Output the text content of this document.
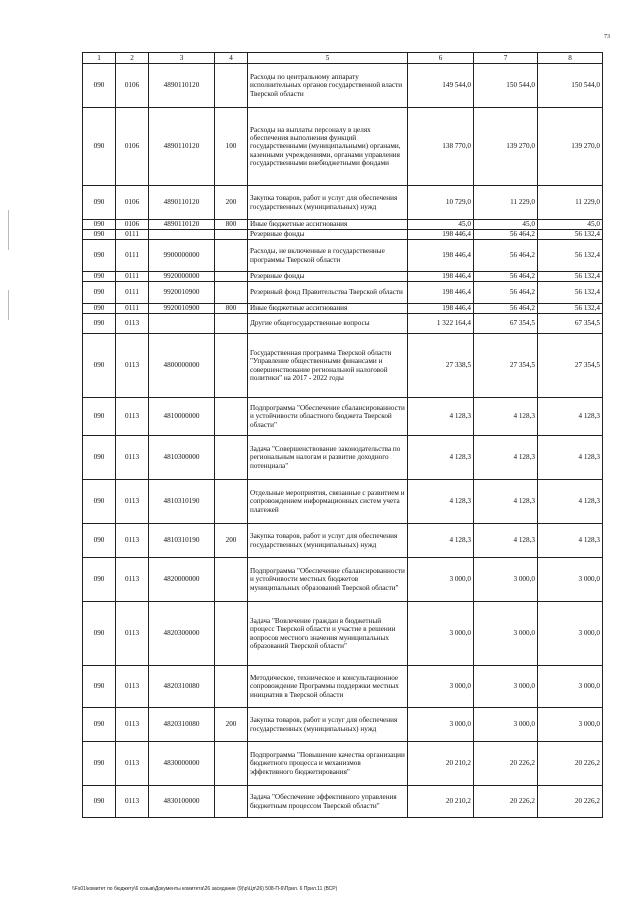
· · · · · · · · · · · · · · · · · · · · · · · · · · · · · · · · · · · ·
73
1	2	3	4	5	6	7	8
090	0106	4890110120		Расходы по центральному аппарату исполнительных органов государственной власти Тверской области	149 544,0	150 544,0	150 544,0
090	0106	4890110120	100	Расходы на выплаты персоналу в целях обеспечения выполнения функций государственными (муниципальными) органами, казенными учреждениями, органами управления государственными внебюджетными фондами	138 770,0	139 270,0	139 270,0
090	0106	4890110120	200	Закупка товаров, работ и услуг для обеспечения государственных (муниципальных) нужд	10 729,0	11 229,0	11 229,0
090	0106	4890110120	800	Иные бюджетные ассигнования	45,0	45,0	45,0
090	0111			Резервные фонды	198 446,4	56 464,2	56 132,4
090	0111	9900000000		Расходы, не включенные в государственные программы Тверской области	198 446,4	56 464,2	56 132,4
090	0111	9920000000		Резервные фонды	198 446,4	56 464,2	56 132,4
090	0111	9920010900		Резервный фонд Правительства Тверской области	198 446,4	56 464,2	56 132,4
090	0111	9920010900	800	Иные бюджетные ассигнования	198 446,4	56 464,2	56 132,4
090	0113			Другие общегосударственные вопросы	1 322 164,4	67 354,5	67 354,5
090	0113	4800000000		Государственная программа Тверской области "Управление общественными финансами и совершенствование региональной налоговой политики" на 2017 - 2022 годы	27 338,5	27 354,5	27 354,5
090	0113	4810000000		Подпрограмма "Обеспечение сбалансированности и устойчивости областного бюджета Тверской области"	4 128,3	4 128,3	4 128,3
090	0113	4810300000		Задача "Совершенствование законодательства по региональным налогам и развитие доходного потенциала"	4 128,3	4 128,3	4 128,3
090	0113	4810310190		Отдельные мероприятия, связанные с развитием и сопровождением информационных систем учета платежей	4 128,3	4 128,3	4 128,3
090	0113	4810310190	200	Закупка товаров, работ и услуг для обеспечения государственных (муниципальных) нужд	4 128,3	4 128,3	4 128,3
090	0113	4820000000		Подпрограмма "Обеспечение сбалансированности и устойчивости местных бюджетов муниципальных образований Тверской области"	3 000,0	3 000,0	3 000,0
090	0113	4820300000		Задача "Вовлечение граждан в бюджетный процесс Тверской области и участие в решении вопросов местного значения муниципальных образований Тверской области"	3 000,0	3 000,0	3 000,0
090	0113	4820310080		Методическое, техническое и консультационное сопровождение Программы поддержки местных инициатив в Тверской области	3 000,0	3 000,0	3 000,0
090	0113	4820310080	200	Закупка товаров, работ и услуг для обеспечения государственных (муниципальных) нужд	3 000,0	3 000,0	3 000,0
090	0113	4830000000		Подпрограмма "Повышение качества организации бюджетного процесса и механизмов эффективного бюджетирования"	20 210,2	20 226,2	20 226,2
090	0113	4830100000		Задача "Обеспечение эффективного управления бюджетным процессом Тверской области"	20 210,2	20 226,2	20 226,2
\\Fs01\комитет по бюджету\6 созыв\Документы комитета\26 заседание (9)\р\Цп\26) 508-П-6\Прил. 6 Прил.11 (ВСР)
